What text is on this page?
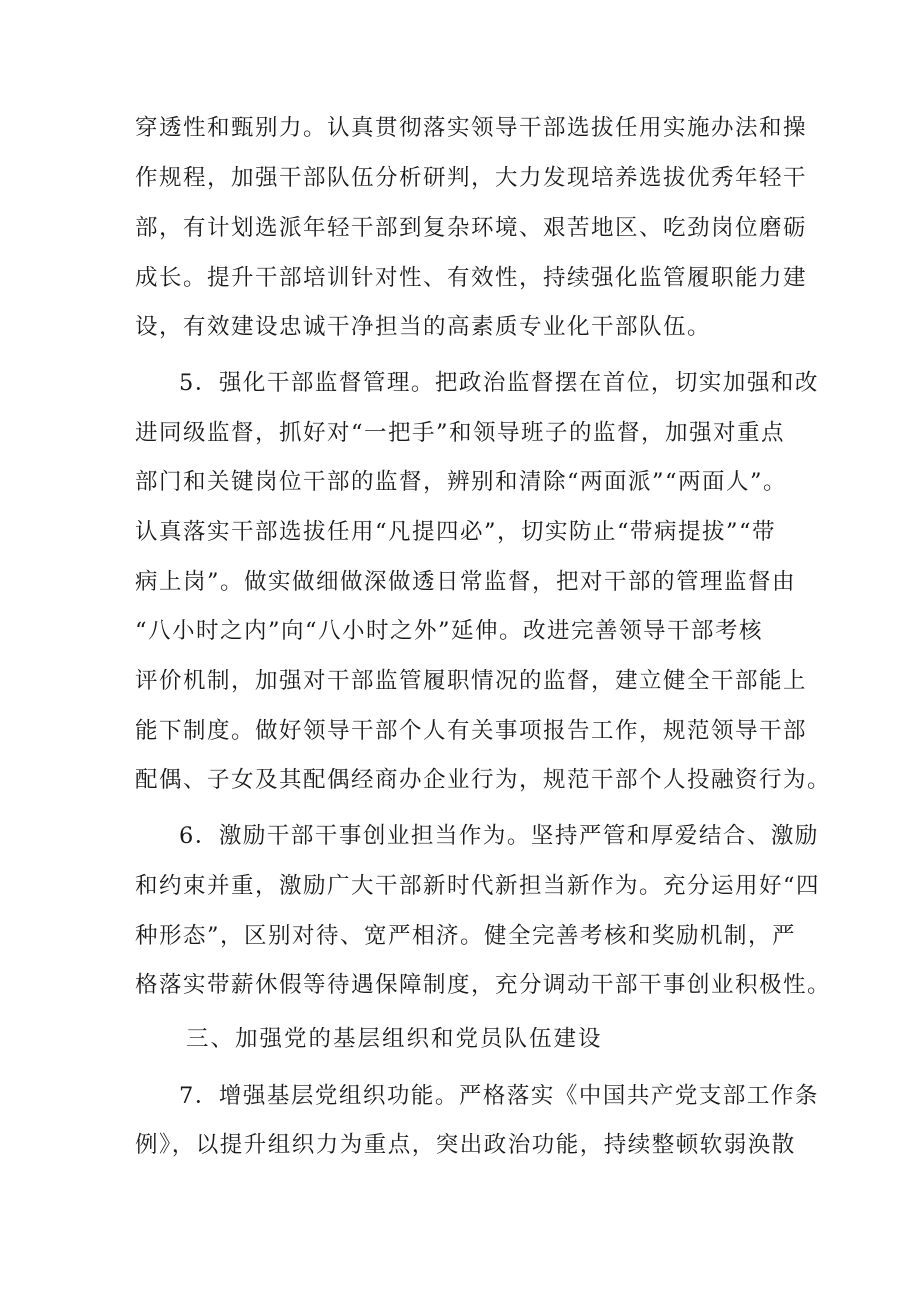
穿透性和甄别力。认真贯彻落实领导干部选拔任用实施办法和操
作规程，加强干部队伍分析研判，大力发现培养选拔优秀年轻干
部，有计划选派年轻干部到复杂环境、艰苦地区、吃劲岗位磨砺
成长。提升干部培训针对性、有效性，持续强化监管履职能力建
设，有效建设忠诚干净担当的高素质专业化干部队伍。
5．强化干部监督管理。把政治监督摆在首位，切实加强和改
进同级监督，抓好对“一把手”和领导班子的监督，加强对重点
部门和关键岗位干部的监督，辨别和清除“两面派”“两面人”。
认真落实干部选拔任用“凡提四必”，切实防止“带病提拔”“带
病上岗”。做实做细做深做透日常监督，把对干部的管理监督由
“八小时之内”向“八小时之外”延伸。改进完善领导干部考核
评价机制，加强对干部监管履职情况的监督，建立健全干部能上
能下制度。做好领导干部个人有关事项报告工作，规范领导干部
配偶、子女及其配偶经商办企业行为，规范干部个人投融资行为。
6．激励干部干事创业担当作为。坚持严管和厚爱结合、激励
和约束并重，激励广大干部新时代新担当新作为。充分运用好“四
种形态”，区别对待、宽严相济。健全完善考核和奖励机制，严
格落实带薪休假等待遇保障制度，充分调动干部干事创业积极性。
三、加强党的基层组织和党员队伍建设
7．增强基层党组织功能。严格落实《中国共产党支部工作条
例》，以提升组织力为重点，突出政治功能，持续整顿软弱涣散
